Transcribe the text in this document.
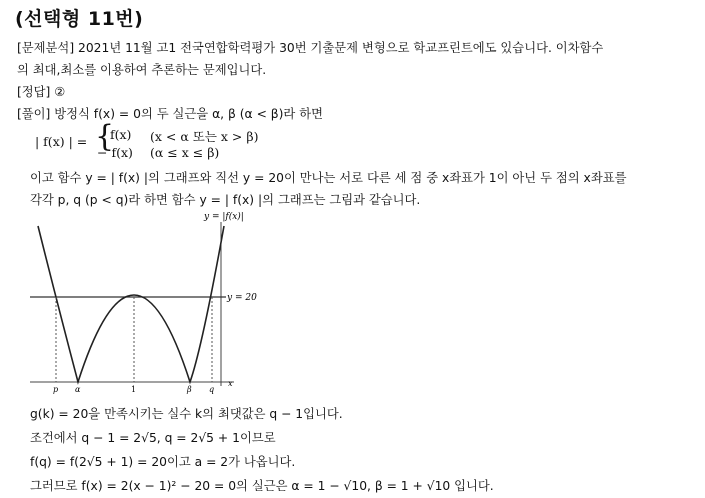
(선택형 11번)
[문제분석] 2021년 11월 고1 전국연합학력평가 30번 기출문제 변형으로 학교프린트에도 있습니다. 이차함수
의 최대,최소를 이용하여 추론하는 문제입니다.
[정답] ②
[풀이] 방정식 f(x) = 0의 두 실근을 α, β (α < β)라 하면
| f(x) | = {
f(x) (x < α 또는 x > β)
− f(x) (α ≤ x ≤ β)
이고 함수 y = | f(x) |의 그래프와 직선 y = 20이 만나는 서로 다른 세 점 중 x좌표가 1이 아닌 두 점의 x좌표를
각각 p, q (p < q)라 하면 함수 y = | f(x) |의 그래프는 그림과 같습니다.
y = |f(x)|
y = 20
x
p α	1	β q
g(k) = 20을 만족시키는 실수 k의 최댓값은 q − 1입니다.
조건에서 q − 1 = 2√5, q = 2√5 + 1이므로
f(q) = f(2√5 + 1) = 20이고 a = 2가 나옵니다.
그러므로 f(x) = 2(x − 1)² − 20 = 0의 실근은 α = 1 − √10, β = 1 + √10 입니다.
